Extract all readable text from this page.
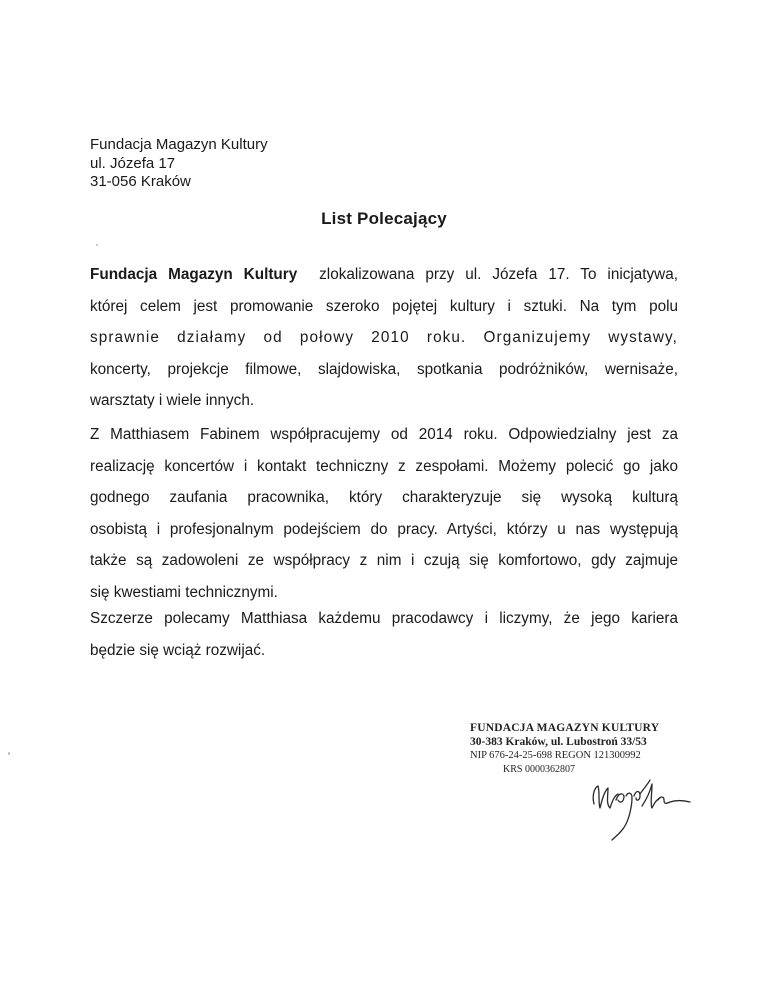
Fundacja Magazyn Kultury
ul. Józefa 17
31-056 Kraków
List Polecający
Fundacja Magazyn Kultury  zlokalizowana przy ul. Józefa 17. To inicjatywa,
której celem jest promowanie szeroko pojętej kultury i sztuki. Na tym polu
sprawnie działamy od połowy 2010 roku. Organizujemy wystawy,
koncerty, projekcje filmowe, slajdowiska, spotkania podróżników, wernisaże,
warsztaty i wiele innych.
Z Matthiasem Fabinem współpracujemy od 2014 roku. Odpowiedzialny jest za
realizację koncertów i kontakt techniczny z zespołami. Możemy polecić go jako
godnego zaufania pracownika, który charakteryzuje się wysoką kulturą
osobistą i profesjonalnym podejściem do pracy. Artyści, którzy u nas występują
także są zadowoleni ze współpracy z nim i czują się komfortowo, gdy zajmuje
się kwestiami technicznymi.
Szczerze polecamy Matthiasa każdemu pracodawcy i liczymy, że jego kariera
będzie się wciąż rozwijać.
FUNDACJA MAGAZYN KULTURY
30-383 Kraków, ul. Lubostroń 33/53
NIP 676-24-25-698 REGON 121300992
KRS 0000362807
